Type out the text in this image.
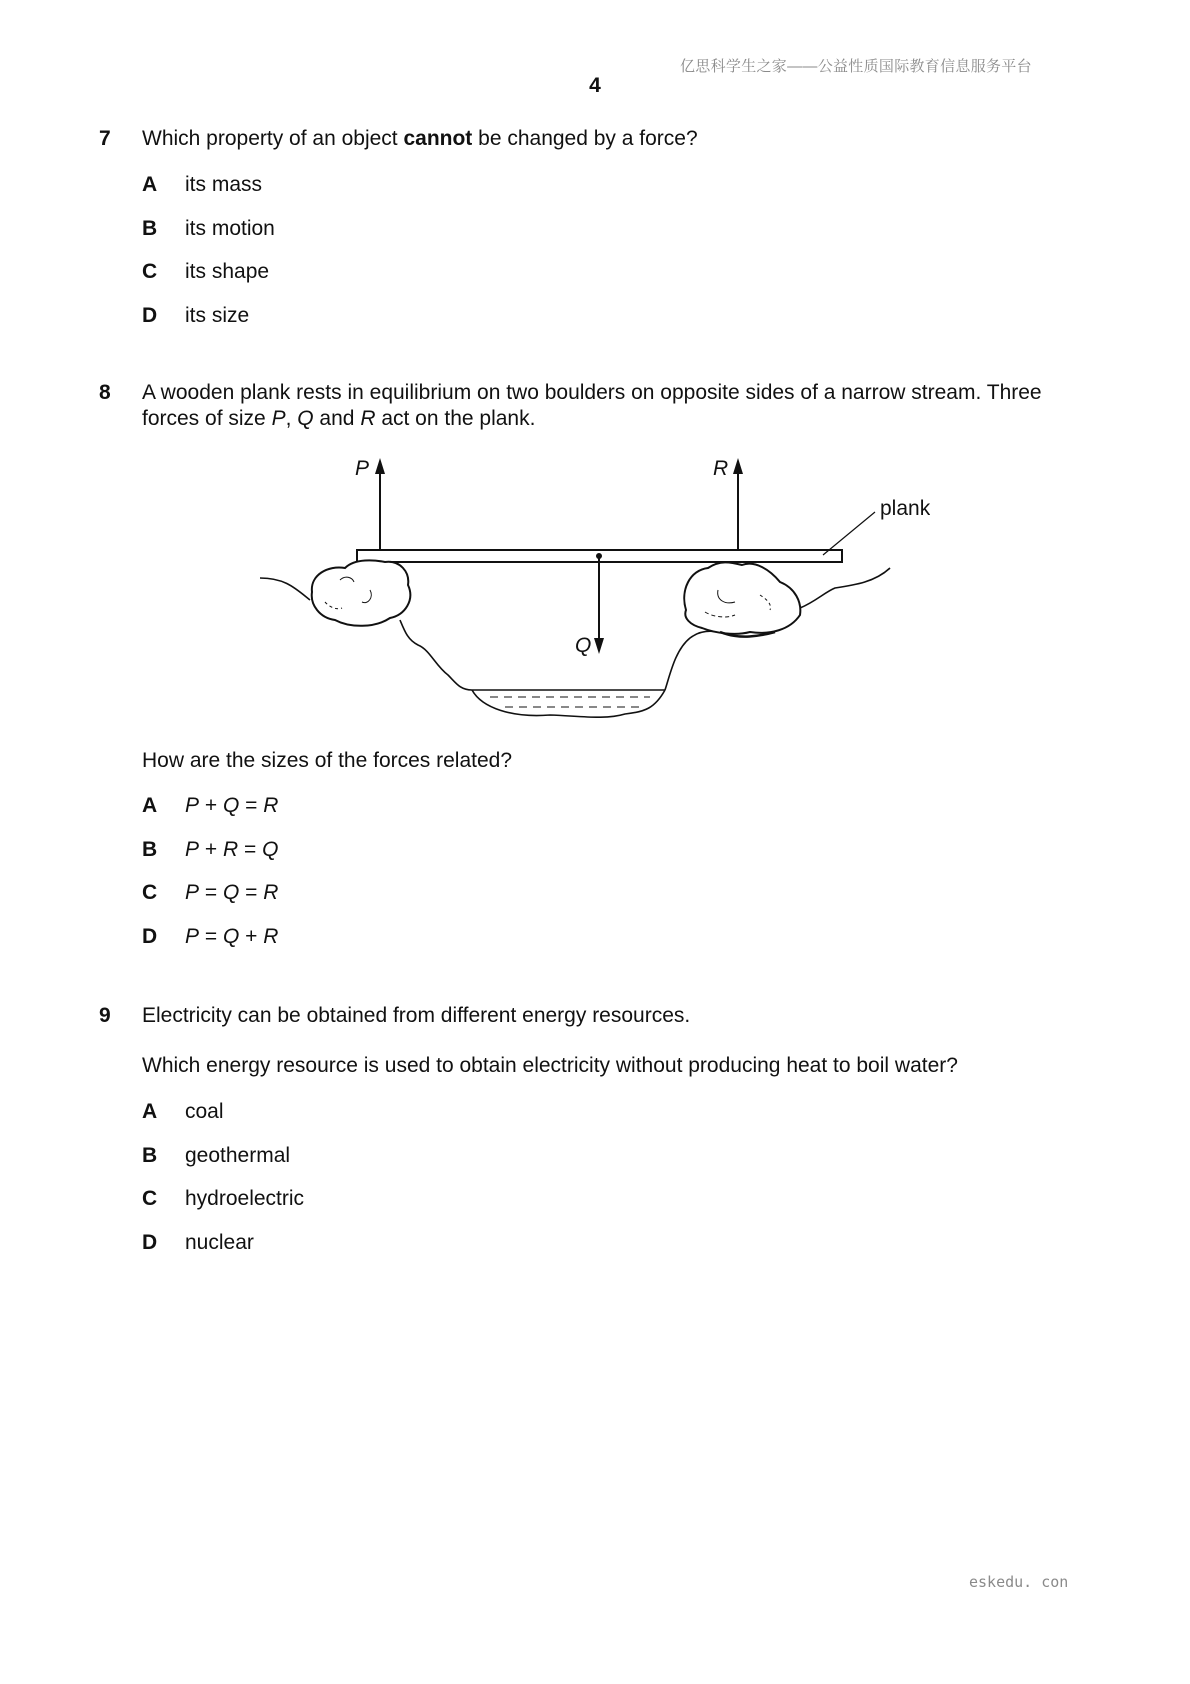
亿思科学生之家——公益性质国际教育信息服务平台
4
7 Which property of an object cannot be changed by a force?
A its mass
B its motion
C its shape
D its size
8 A wooden plank rests in equilibrium on two boulders on opposite sides of a narrow stream. Three forces of size P, Q and R act on the plank.
plank
P	R
Q
How are the sizes of the forces related?
A P + Q = R
B P + R = Q
C P = Q = R
D P = Q + R
9 Electricity can be obtained from different energy resources.
Which energy resource is used to obtain electricity without producing heat to boil water?
A coal
B geothermal
C hydroelectric
D nuclear
eskedu. con
